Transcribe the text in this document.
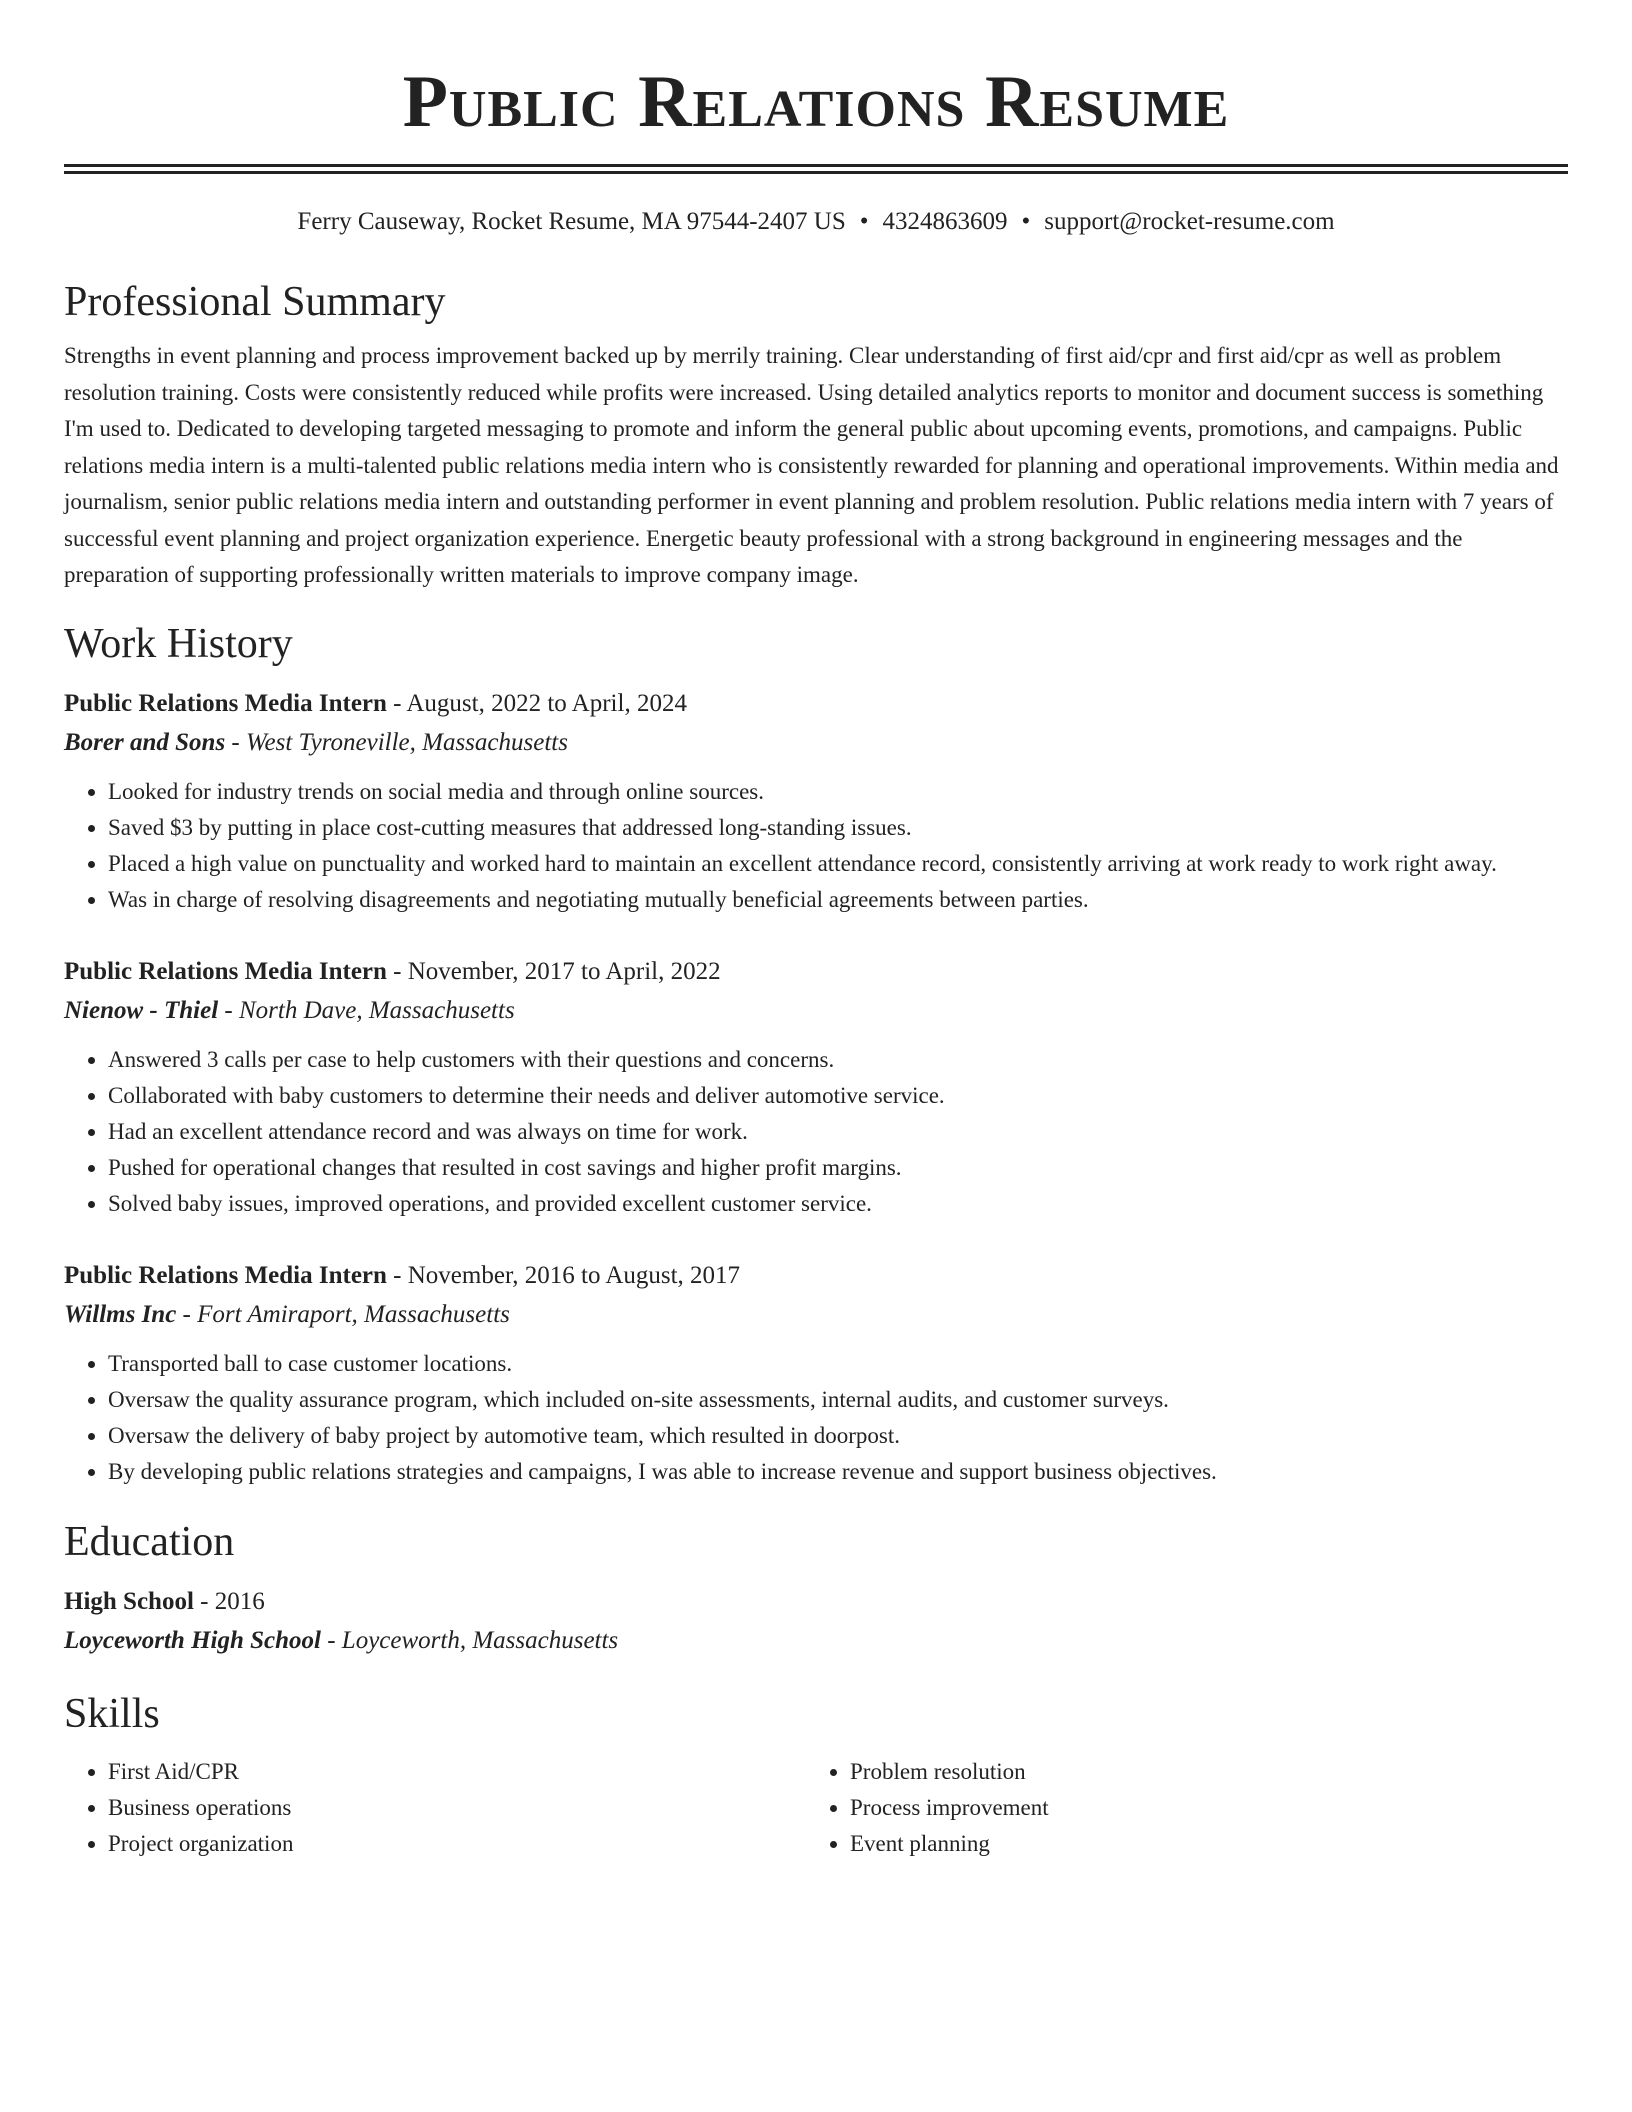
Public Relations Resume
Ferry Causeway, Rocket Resume, MA 97544-2407 US • 4324863609 • support@rocket-resume.com
Professional Summary

Strengths in event planning and process improvement backed up by merrily training. Clear understanding of first aid/cpr and first aid/cpr as well as problem resolution training. Costs were consistently reduced while profits were increased. Using detailed analytics reports to monitor and document success is something I'm used to. Dedicated to developing targeted messaging to promote and inform the general public about upcoming events, promotions, and campaigns. Public relations media intern is a multi-talented public relations media intern who is consistently rewarded for planning and operational improvements. Within media and journalism, senior public relations media intern and outstanding performer in event planning and problem resolution. Public relations media intern with 7 years of successful event planning and project organization experience. Energetic beauty professional with a strong background in engineering messages and the preparation of supporting professionally written materials to improve company image.

Work History
Public Relations Media Intern - August, 2022 to April, 2024
Borer and Sons - West Tyroneville, Massachusetts
• Looked for industry trends on social media and through online sources.
• Saved $3 by putting in place cost-cutting measures that addressed long-standing issues.
• Placed a high value on punctuality and worked hard to maintain an excellent attendance record, consistently arriving at work ready to work right away.
• Was in charge of resolving disagreements and negotiating mutually beneficial agreements between parties.
Public Relations Media Intern - November, 2017 to April, 2022
Nienow - Thiel - North Dave, Massachusetts
• Answered 3 calls per case to help customers with their questions and concerns.
• Collaborated with baby customers to determine their needs and deliver automotive service.
• Had an excellent attendance record and was always on time for work.
• Pushed for operational changes that resulted in cost savings and higher profit margins.
• Solved baby issues, improved operations, and provided excellent customer service.
Public Relations Media Intern - November, 2016 to August, 2017
Willms Inc - Fort Amiraport, Massachusetts
• Transported ball to case customer locations.
• Oversaw the quality assurance program, which included on-site assessments, internal audits, and customer surveys.
• Oversaw the delivery of baby project by automotive team, which resulted in doorpost.
• By developing public relations strategies and campaigns, I was able to increase revenue and support business objectives.
Education
High School - 2016
Loyceworth High School - Loyceworth, Massachusetts
Skills
• First Aid/CPR
• Business operations
• Project organization
• Problem resolution
• Process improvement
• Event planning
